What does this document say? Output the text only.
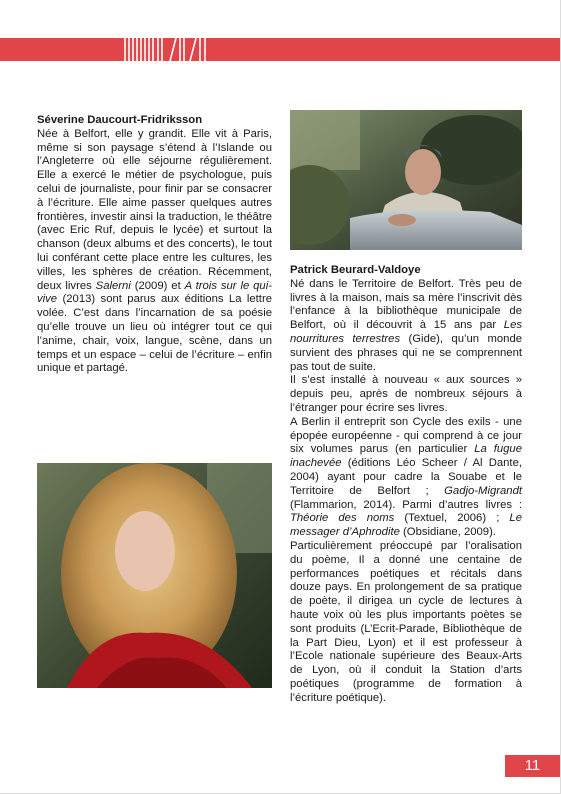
Séverine Daucourt-Fridriksson

Née à Belfort, elle y grandit. Elle vit à Paris, même si son paysage s’étend à l’Islande ou l’Angleterre où elle séjourne régulièrement. Elle a exercé le métier de psychologue, puis celui de journaliste, pour finir par se consacrer à l’écriture. Elle aime passer quelques autres frontières, investir ainsi la traduction, le théâtre (avec Eric Ruf, depuis le lycée) et surtout la chanson (deux albums et des concerts), le tout lui conférant cette place entre les cultures, les villes, les sphères de création. Récemment, deux livres Salerni (2009) et A trois sur le qui-vive (2013) sont parus aux éditions La lettre volée. C’est dans l’incarnation de sa poésie qu’elle trouve un lieu où intégrer tout ce qui l’anime, chair, voix, langue, scène, dans un temps et un espace – celui de l’écriture – enfin unique et partagé.

Patrick Beurard-Valdoye

Né dans le Territoire de Belfort. Très peu de livres à la maison, mais sa mère l’inscrivit dès l’enfance à la bibliothèque municipale de Belfort, où il découvrit à 15 ans par Les nourritures terrestres (Gide), qu’un monde survient des phrases qui ne se comprennent pas tout de suite.

Il s’est installé à nouveau « aux sources » depuis peu, après de nombreux séjours à l’étranger pour écrire ses livres.

A Berlin il entreprit son Cycle des exils - une épopée européenne - qui comprend à ce jour six volumes parus (en particulier La fugue inachevée (éditions Léo Scheer / Al Dante, 2004) ayant pour cadre la Souabe et le Territoire de Belfort ; Gadjo-Migrandt (Flammarion, 2014). Parmi d’autres livres : Théorie des noms (Textuel, 2006) ; Le messager d’Aphrodite (Obsidiane, 2009).

Particulièrement préoccupé par l’oralisation du poème, Il a donné une centaine de performances poétiques et récitals dans douze pays. En prolongement de sa pratique de poète, il dirigea un cycle de lectures à haute voix où les plus importants poètes se sont produits (L’Ecrit-Parade, Bibliothèque de la Part Dieu, Lyon) et il est professeur à l’Ecole nationale supérieure des Beaux-Arts de Lyon, où il conduit la Station d’arts poétiques (programme de formation à l’écriture poétique).

11
